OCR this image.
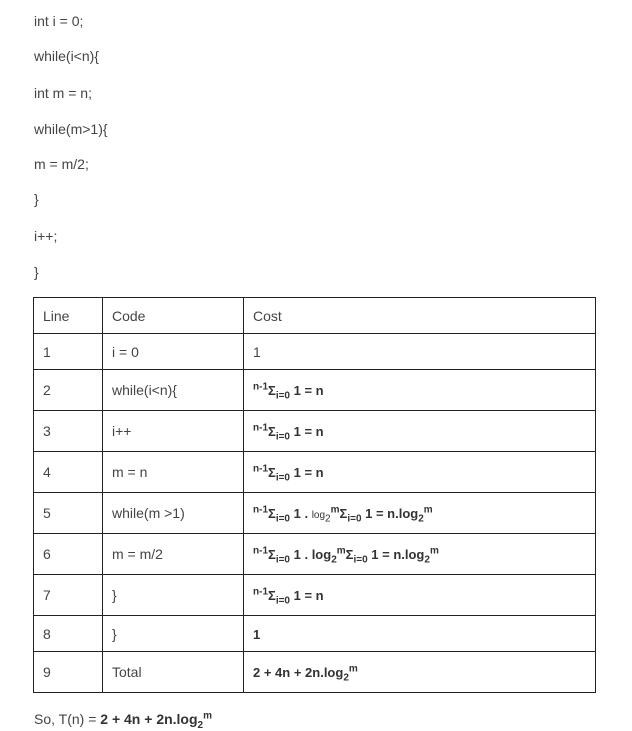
int i = 0;
while(i<n){
int m = n;
while(m>1){
m = m/2;
}
i++;
}
Line	Code	Cost
1	i = 0	1
2	while(i<n){	$^{n-1}\Sigma_{i=0}$ 1 = n
3	i++	$^{n-1}\Sigma_{i=0}$ 1 = n
4	m = n	$^{n-1}\Sigma_{i=0}$ 1 = n
5	while(m >1)	$^{n-1}\Sigma_{i=0}$ 1 . $\log_2^m\Sigma_{i=0}$ $1 = n.\log_2^m$
6	m = m/2	$^{n-1}\Sigma_{i=0}$ 1 . $\log_2^m\Sigma_{i=0}$ $1 = n.\log_2^m$
7	}	$^{n-1}\Sigma_{i=0}$ 1 = n
8	}	1
9	Total	$2 + 4n + 2n.\log_2^m$
So, $T(n) = 2 + 4n + 2n.\log_2^m$
